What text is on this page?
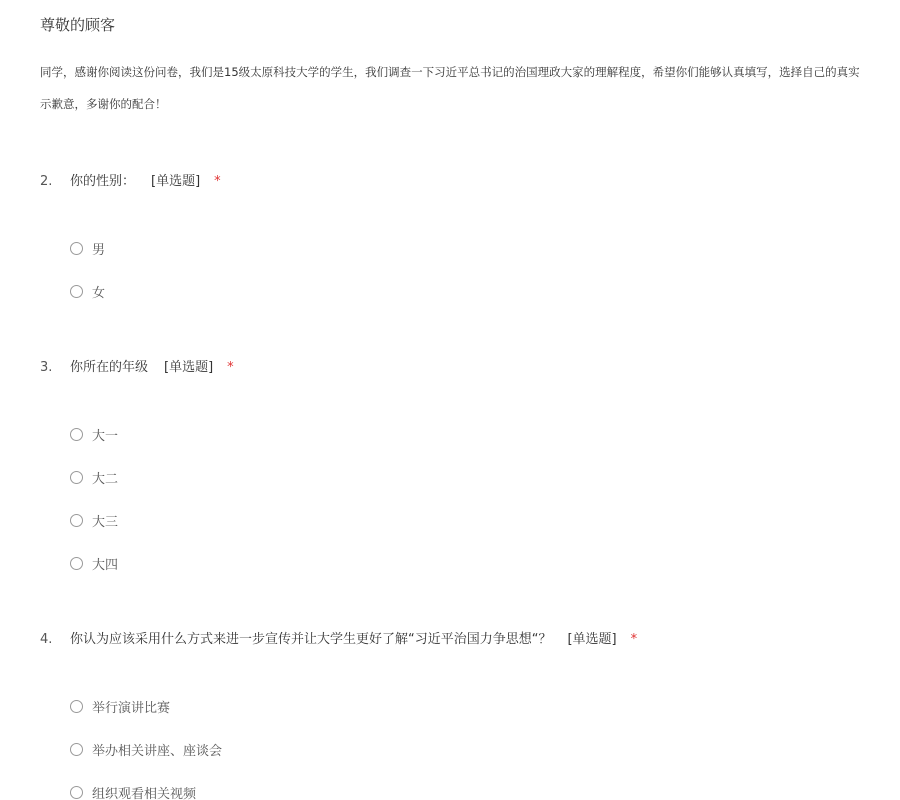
尊敬的顾客
同学，感谢你阅读这份问卷，我们是15级太原科技大学的学生，我们调查一下习近平总书记的治国理政大家的理解程度，希望你们能够认真填写，选择自己的真实
示歉意，多谢你的配合！
2. 你的性别： [单选题] *
男
女
3. 你所在的年级 [单选题] *
大一
大二
大三
大四
4. 你认为应该采用什么方式来进一步宣传并让大学生更好了解“习近平治国力争思想“？ [单选题] *
举行演讲比赛
举办相关讲座、座谈会
组织观看相关视频
